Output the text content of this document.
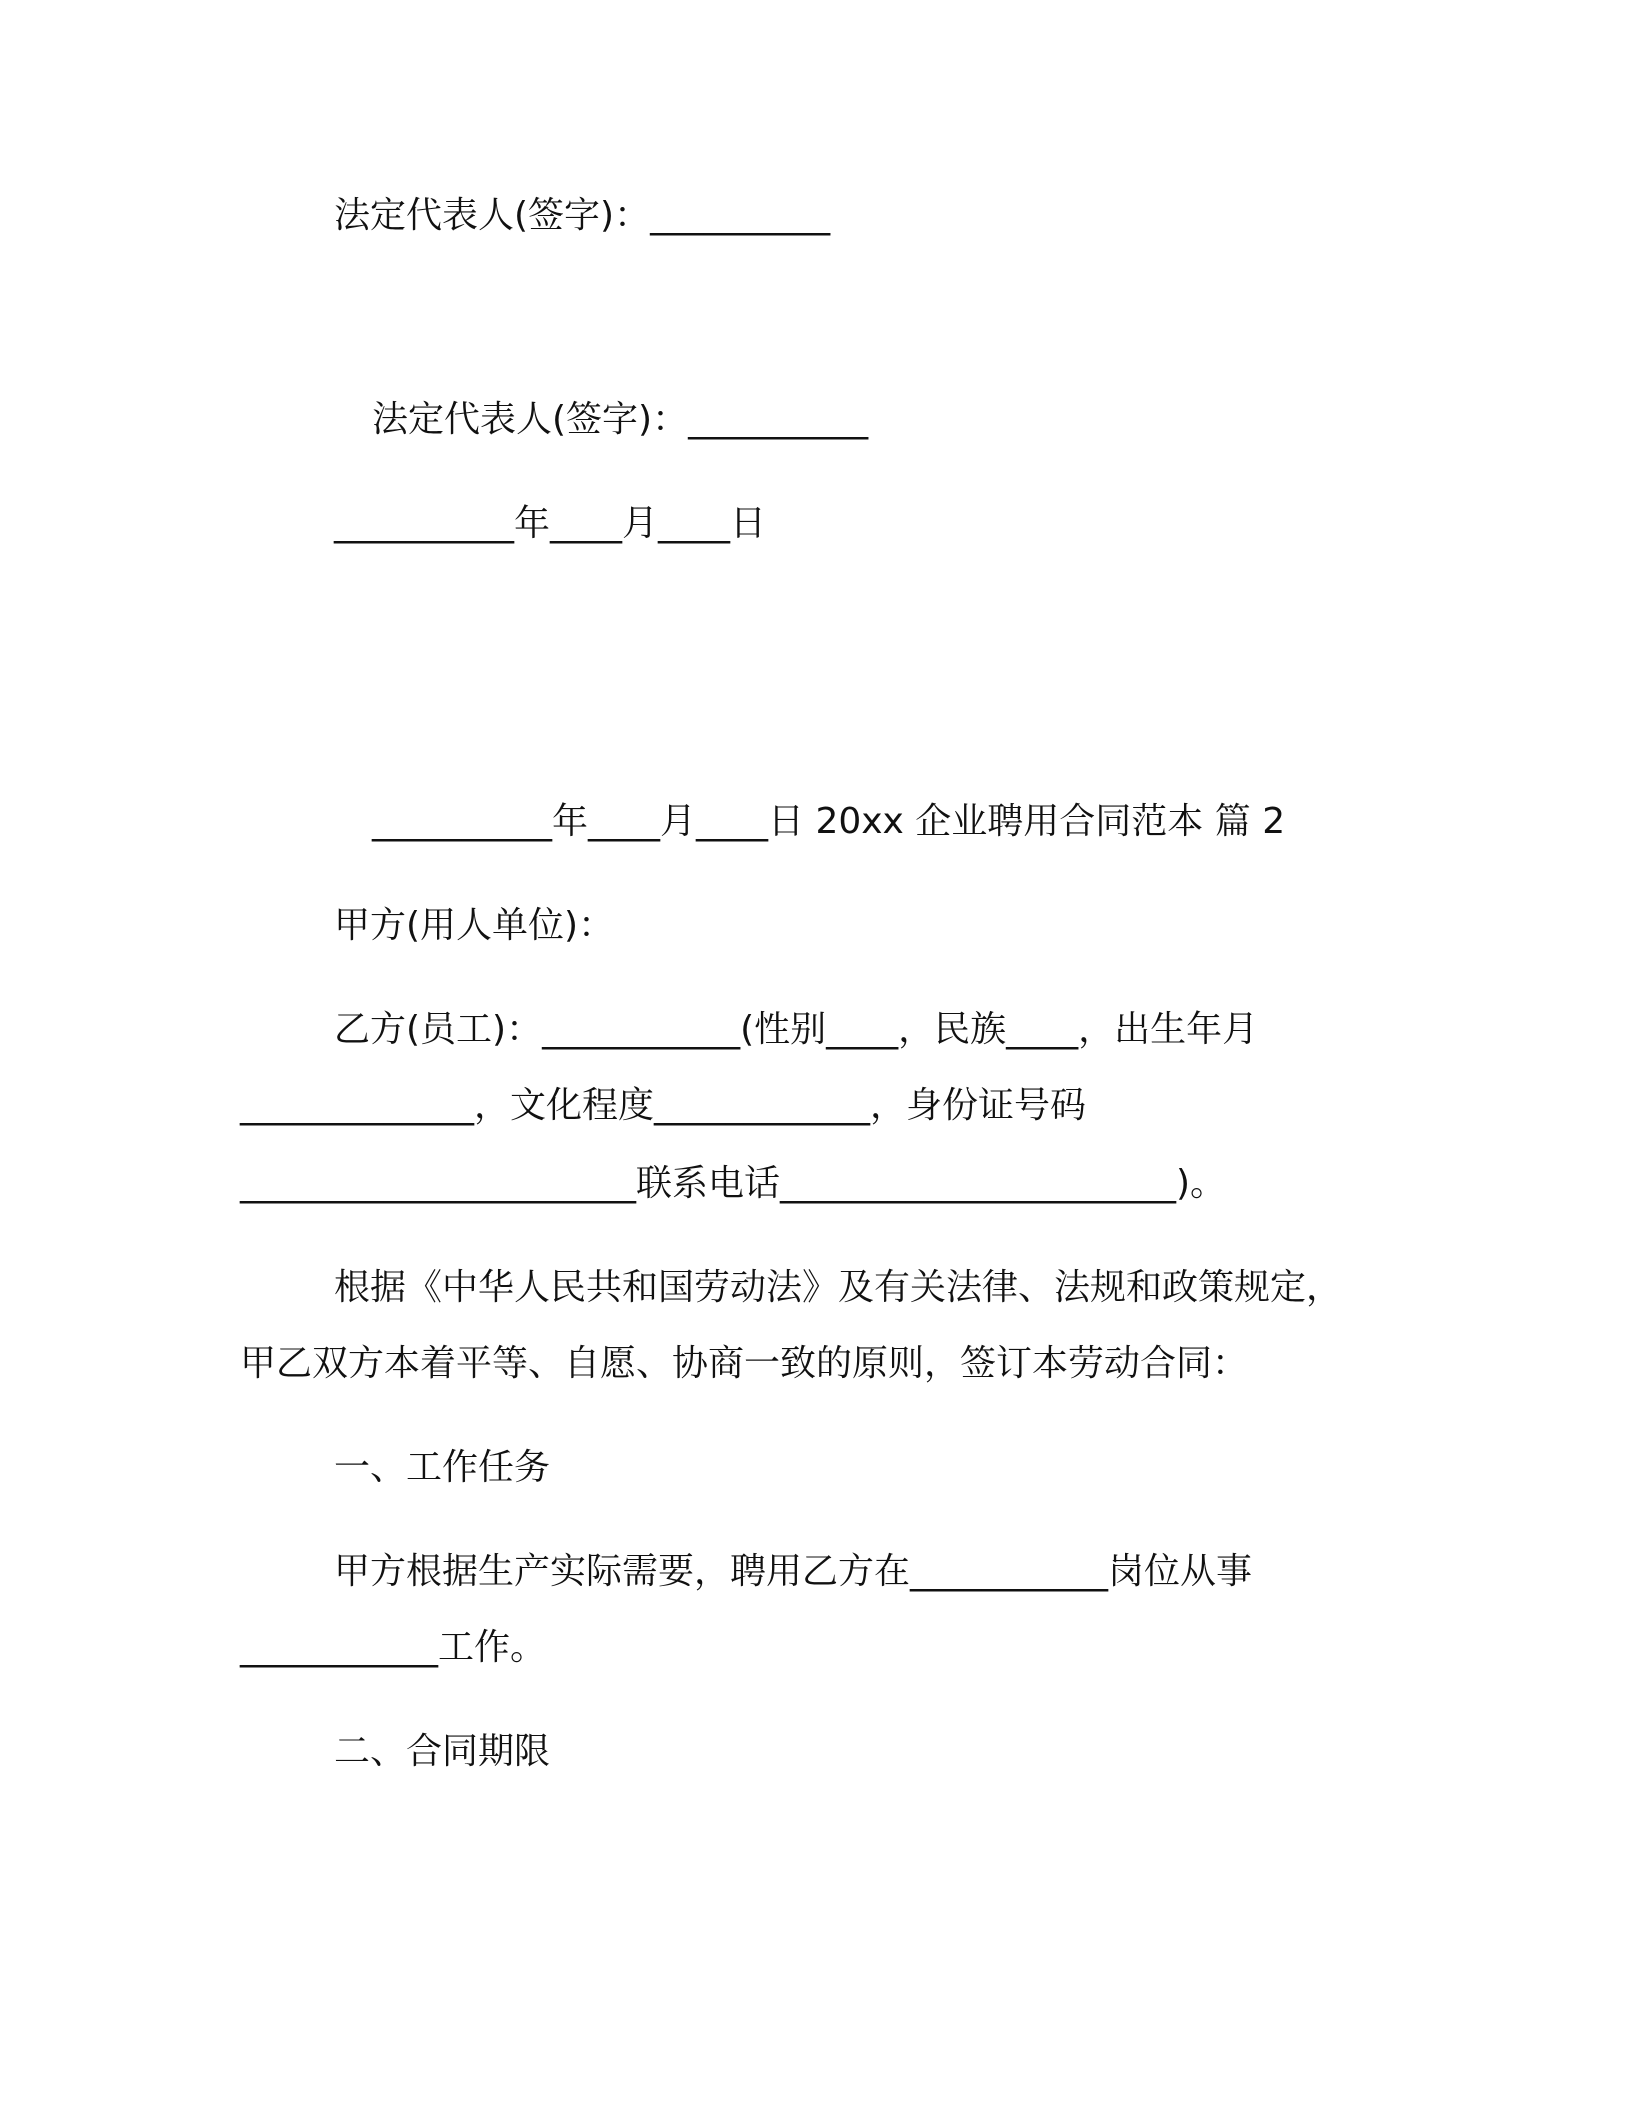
法定代表人(签字)：__________

法定代表人(签字)：__________

__________年____月____日

__________年____月____日 20xx 企业聘用合同范本 篇 2

甲方(用人单位)：

乙方(员工)：___________(性别____，民族____，出生年月

_____________，文化程度____________，身份证号码

______________________联系电话______________________)。

根据《中华人民共和国劳动法》及有关法律、法规和政策规定，

甲乙双方本着平等、自愿、协商一致的原则，签订本劳动合同：

一、工作任务

甲方根据生产实际需要，聘用乙方在___________岗位从事

___________工作。

二、合同期限
